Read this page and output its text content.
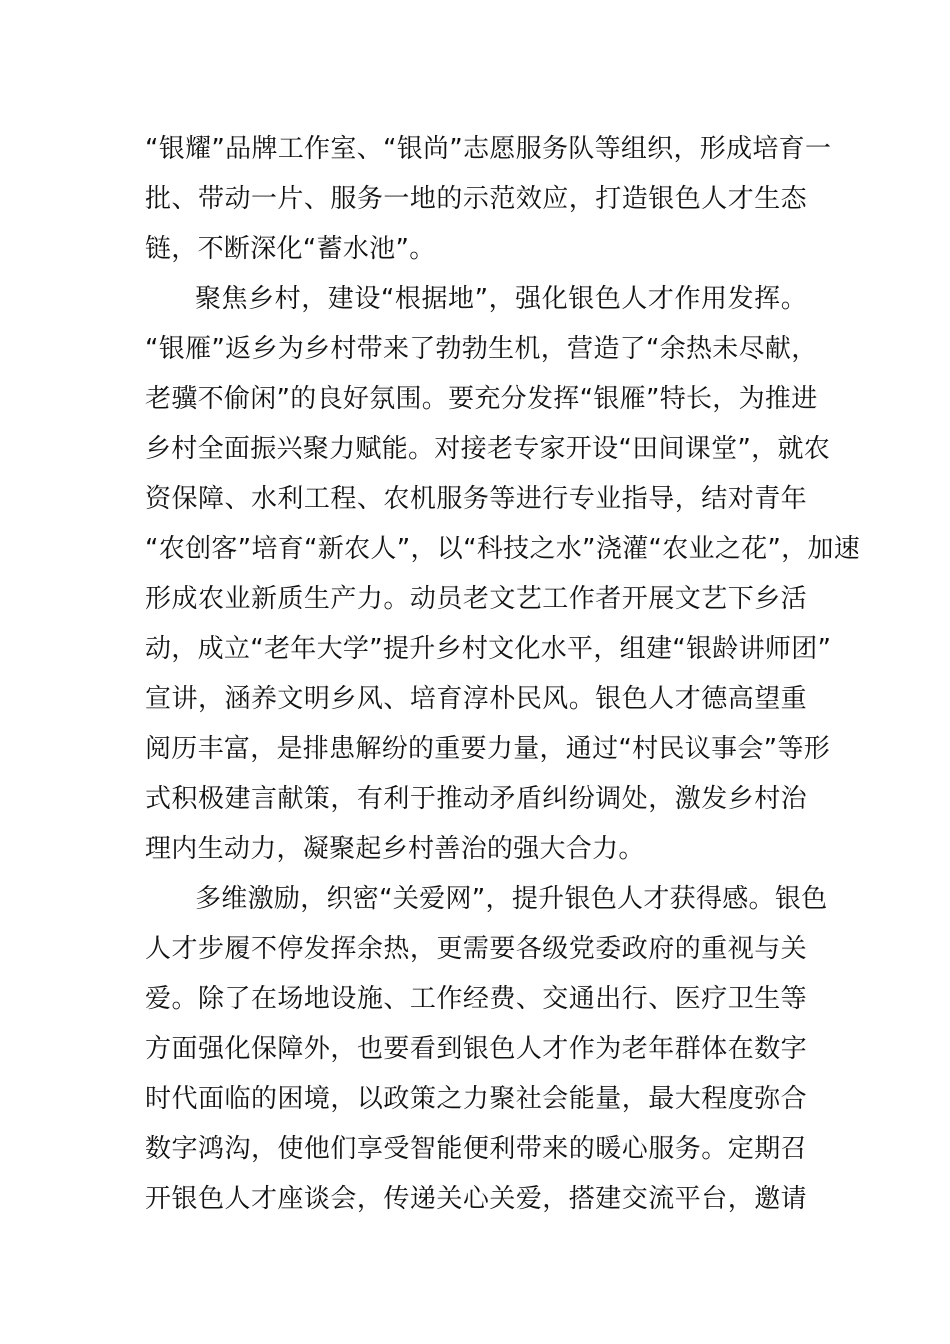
“银耀”品牌工作室、“银尚”志愿服务队等组织，形成培育一
批、带动一片、服务一地的示范效应，打造银色人才生态
链，不断深化“蓄水池”。
聚焦乡村，建设“根据地”，强化银色人才作用发挥。
“银雁”返乡为乡村带来了勃勃生机，营造了“余热未尽献，
老骥不偷闲”的良好氛围。要充分发挥“银雁”特长，为推进
乡村全面振兴聚力赋能。对接老专家开设“田间课堂”，就农
资保障、水利工程、农机服务等进行专业指导，结对青年
“农创客”培育“新农人”，以“科技之水”浇灌“农业之花”，加速
形成农业新质生产力。动员老文艺工作者开展文艺下乡活
动，成立“老年大学”提升乡村文化水平，组建“银龄讲师团”
宣讲，涵养文明乡风、培育淳朴民风。银色人才德高望重
阅历丰富，是排患解纷的重要力量，通过“村民议事会”等形
式积极建言献策，有利于推动矛盾纠纷调处，激发乡村治
理内生动力，凝聚起乡村善治的强大合力。
多维激励，织密“关爱网”，提升银色人才获得感。银色
人才步履不停发挥余热，更需要各级党委政府的重视与关
爱。除了在场地设施、工作经费、交通出行、医疗卫生等
方面强化保障外，也要看到银色人才作为老年群体在数字
时代面临的困境，以政策之力聚社会能量，最大程度弥合
数字鸿沟，使他们享受智能便利带来的暖心服务。定期召
开银色人才座谈会，传递关心关爱，搭建交流平台，邀请
